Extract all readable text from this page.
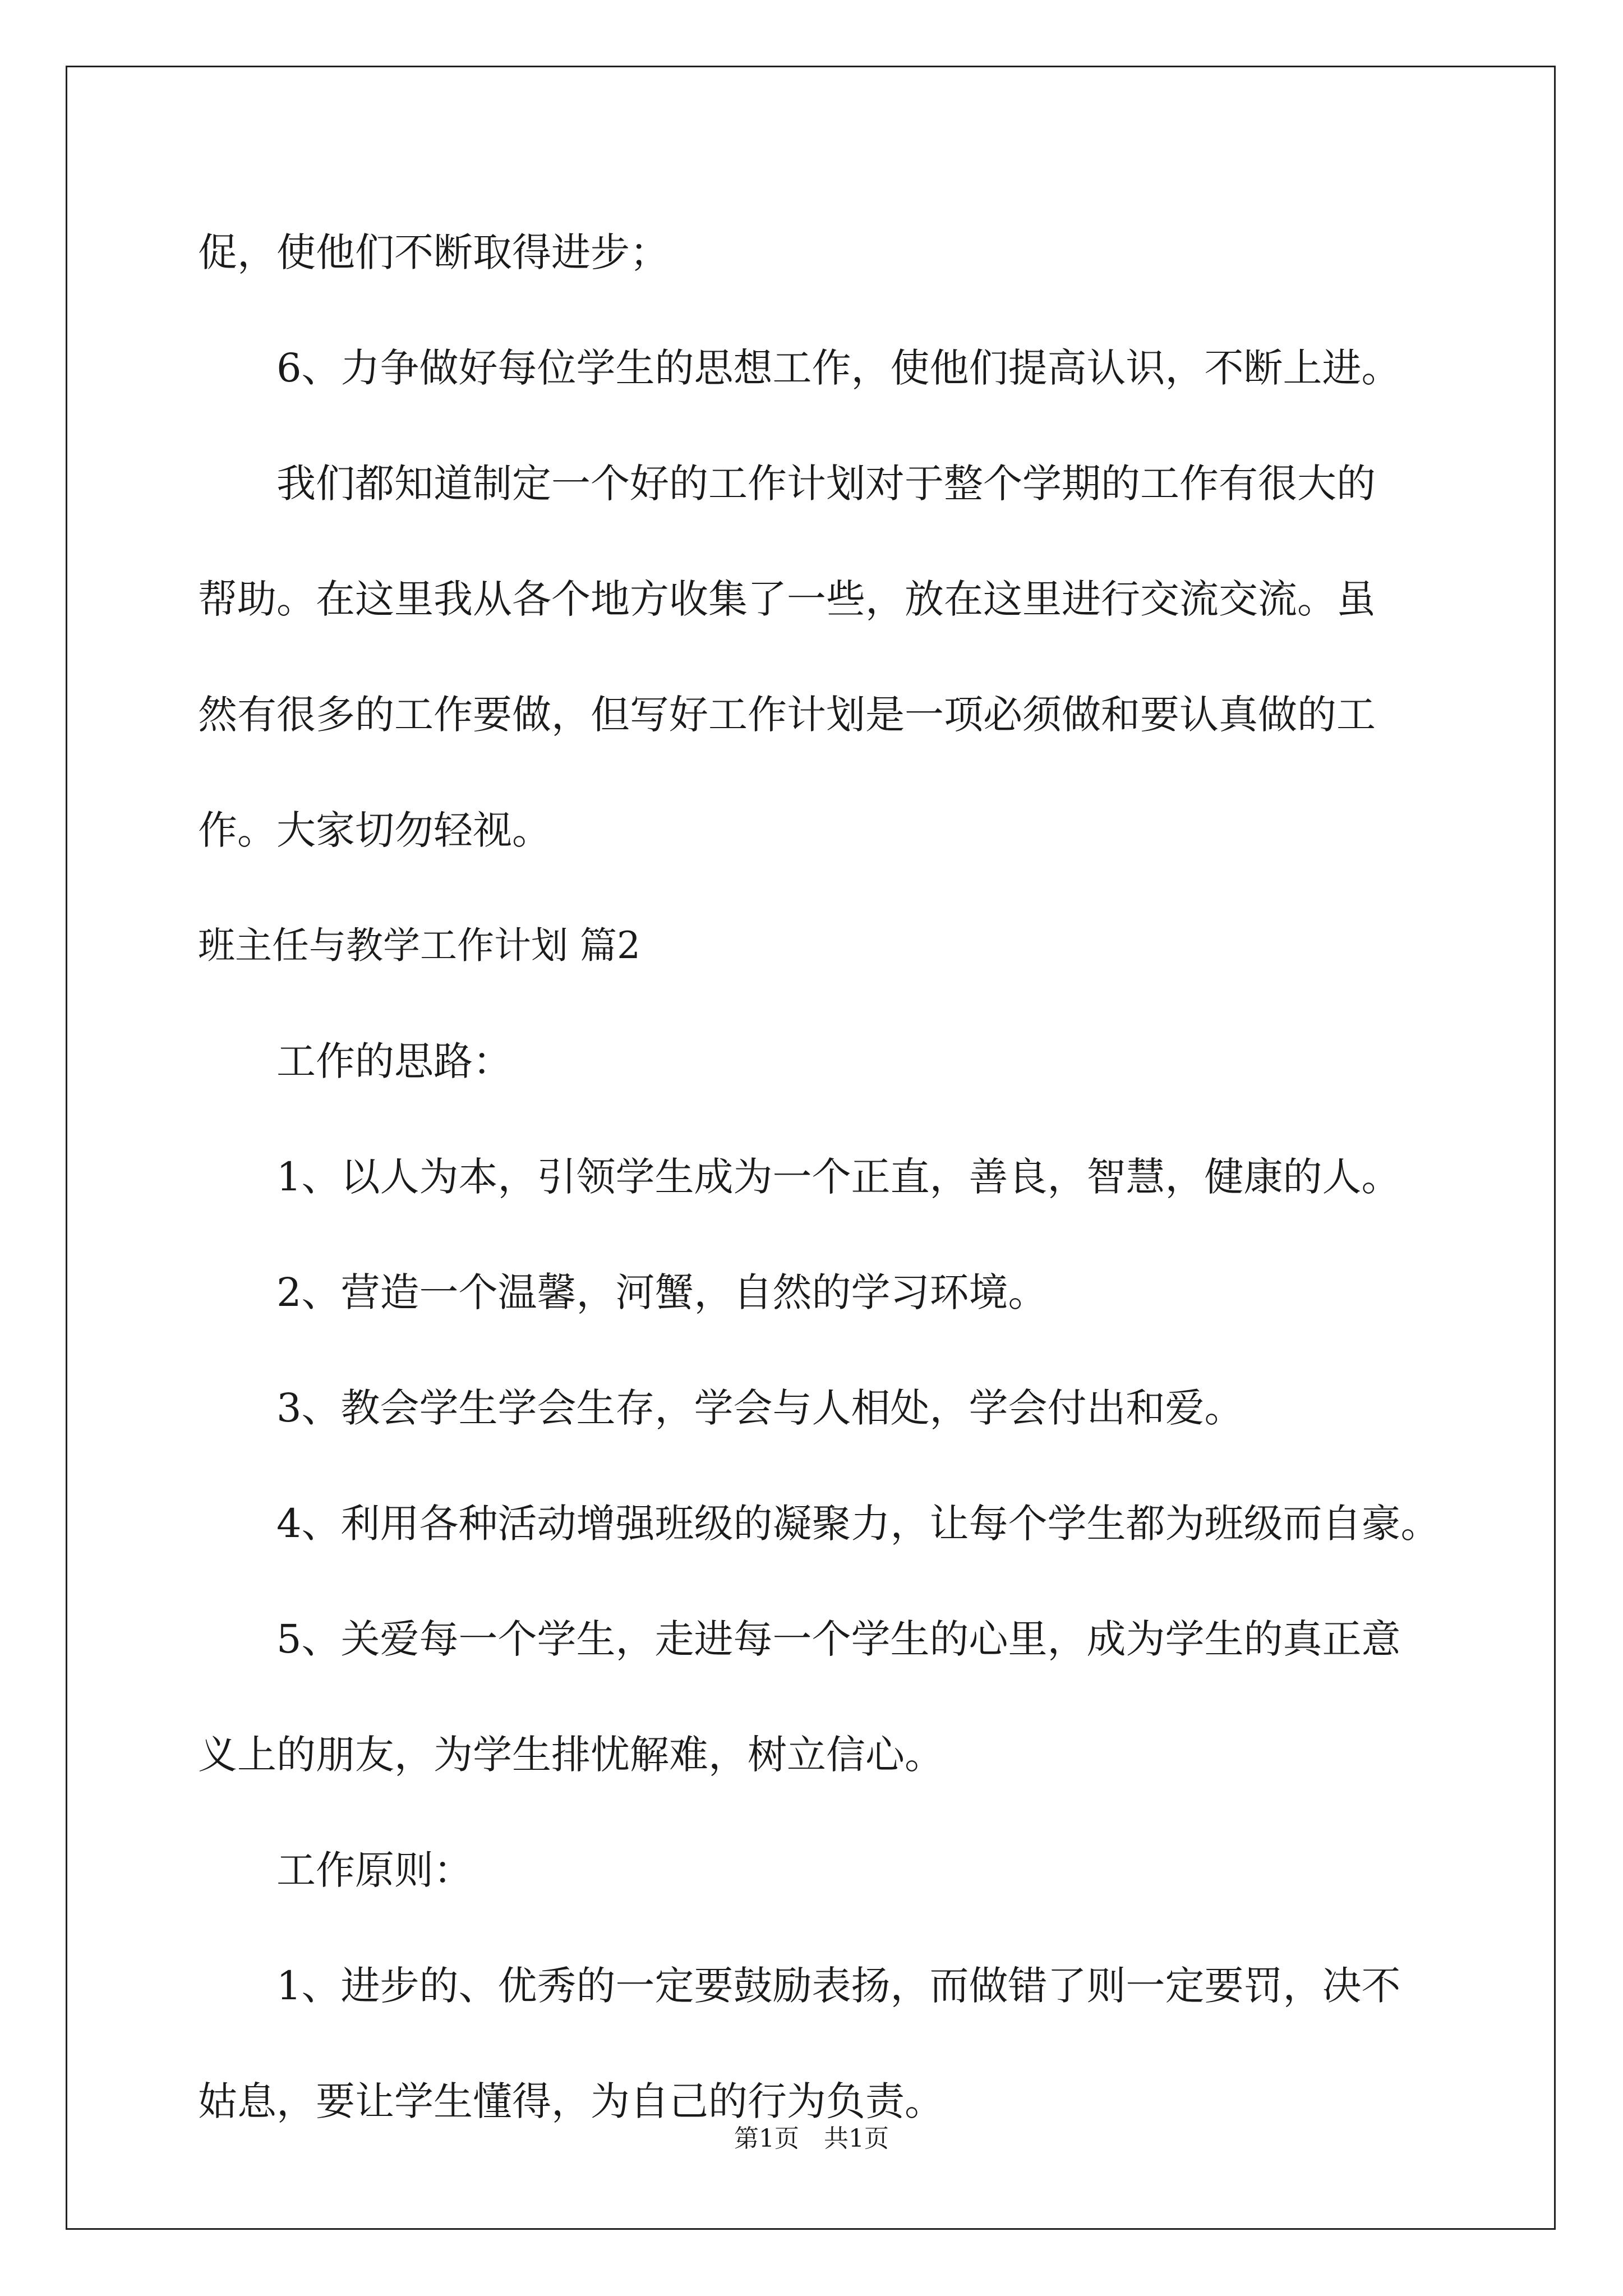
促，使他们不断取得进步；
6、力争做好每位学生的思想工作，使他们提高认识，不断上进。
我们都知道制定一个好的工作计划对于整个学期的工作有很大的
帮助。在这里我从各个地方收集了一些，放在这里进行交流交流。虽
然有很多的工作要做，但写好工作计划是一项必须做和要认真做的工
作。大家切勿轻视。
班主任与教学工作计划 篇2
工作的思路：
1、以人为本，引领学生成为一个正直，善良，智慧，健康的人。
2、营造一个温馨，河蟹，自然的学习环境。
3、教会学生学会生存，学会与人相处，学会付出和爱。
4、利用各种活动增强班级的凝聚力，让每个学生都为班级而自豪。
5、关爱每一个学生，走进每一个学生的心里，成为学生的真正意
义上的朋友，为学生排忧解难，树立信心。
工作原则：
1、进步的、优秀的一定要鼓励表扬，而做错了则一定要罚，决不
姑息，要让学生懂得，为自己的行为负责。
第1页　共1页
